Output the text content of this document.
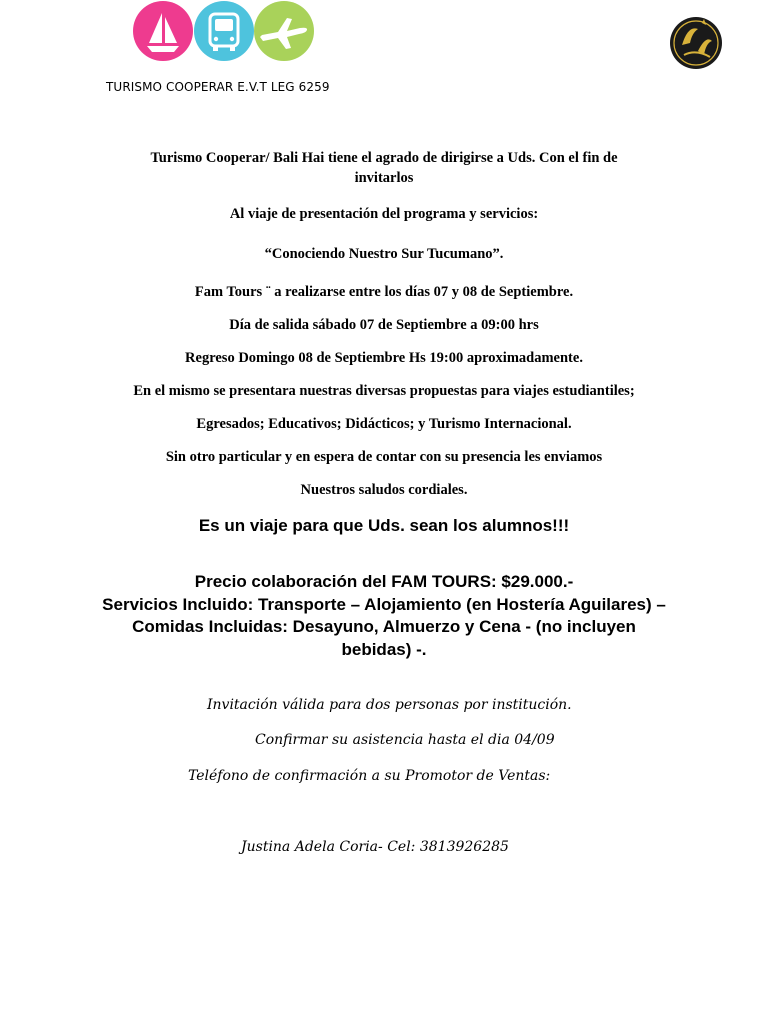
TURISMO COOPERAR E.V.T LEG 6259
Turismo Cooperar/ Bali Hai tiene el agrado de dirigirse a Uds. Con el fin de invitarlos
Al viaje de presentación del programa y servicios:
“Conociendo Nuestro Sur Tucumano”.
Fam Tours ¨ a realizarse entre los días 07 y 08 de Septiembre.
Día de salida sábado 07 de Septiembre a 09:00 hrs
Regreso Domingo 08 de Septiembre Hs 19:00 aproximadamente.
En el mismo se presentara nuestras diversas propuestas para viajes estudiantiles;
Egresados; Educativos; Didácticos; y Turismo Internacional.
Sin otro particular y en espera de contar con su presencia les enviamos
Nuestros saludos cordiales.
Es un viaje para que Uds. sean los alumnos!!!
Precio colaboración del FAM TOURS: $29.000.-
Servicios Incluido: Transporte – Alojamiento (en Hostería Aguilares) – Comidas Incluidas: Desayuno, Almuerzo y Cena - (no incluyen bebidas) -.
Invitación válida para dos personas por institución.
Confirmar su asistencia hasta el dia 04/09
Teléfono de confirmación a su Promotor de Ventas:
Justina Adela Coria- Cel: 3813926285
